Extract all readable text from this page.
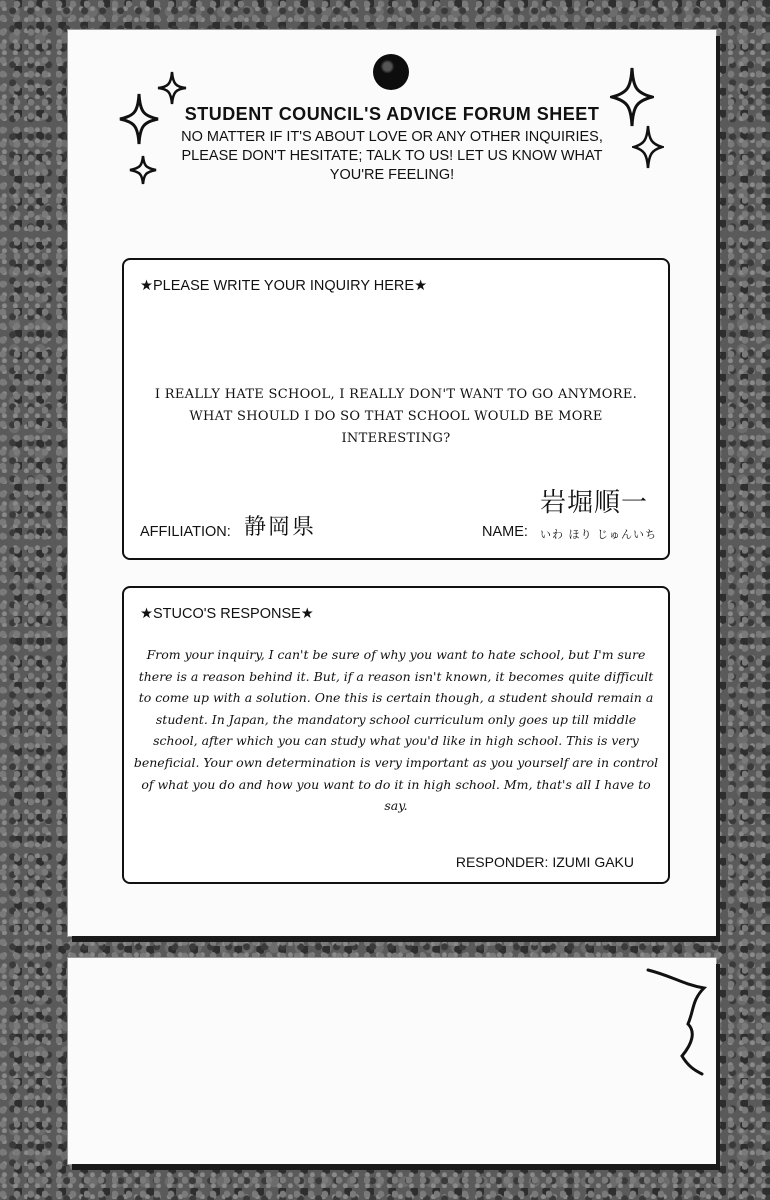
STUDENT COUNCIL'S ADVICE FORUM SHEET

NO MATTER IF IT'S ABOUT LOVE OR ANY OTHER INQUIRIES, PLEASE DON'T HESITATE; TALK TO US! LET US KNOW WHAT YOU'RE FEELING!

★PLEASE WRITE YOUR INQUIRY HERE★
I REALLY HATE SCHOOL, I REALLY DON'T WANT TO GO ANYMORE. WHAT SHOULD I DO SO THAT SCHOOL WOULD BE MORE INTERESTING?
AFFILIATION: 静岡県	NAME:
岩堀順一
いわ ほり じゅんいち
★STUCO'S RESPONSE★
From your inquiry, I can't be sure of why you want to hate school, but I'm sure there is a reason behind it. But, if a reason isn't known, it becomes quite difficult to come up with a solution. One this is certain though, a student should remain a student. In Japan, the mandatory school curriculum only goes up till middle school, after which you can study what you'd like in high school. This is very beneficial. Your own determination is very important as you yourself are in control of what you do and how you want to do it in high school. Mm, that's all I have to say.
RESPONDER: IZUMI GAKU
